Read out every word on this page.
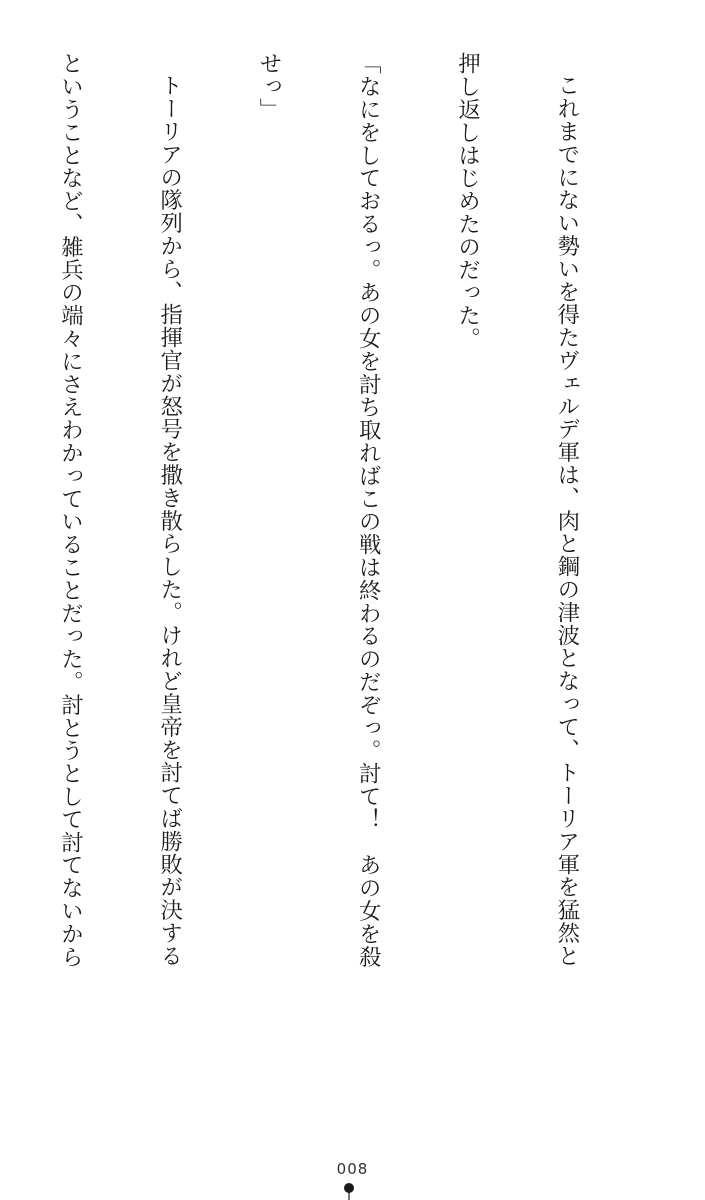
これまでにない勢いを得たヴェルデ軍は、肉と鋼の津波となって、トーリア軍を猛然と

押し返しはじめたのだった。

「なにをしておるっ。あの女を討ち取ればこの戦は終わるのだぞっ。討て！　あの女を殺

せっ」

トーリアの隊列から、指揮官が怒号を撒き散らした。けれど皇帝を討てば勝敗が決する

ということなど、雑兵の端々にさえわかっていることだった。討とうとして討てないから

008
